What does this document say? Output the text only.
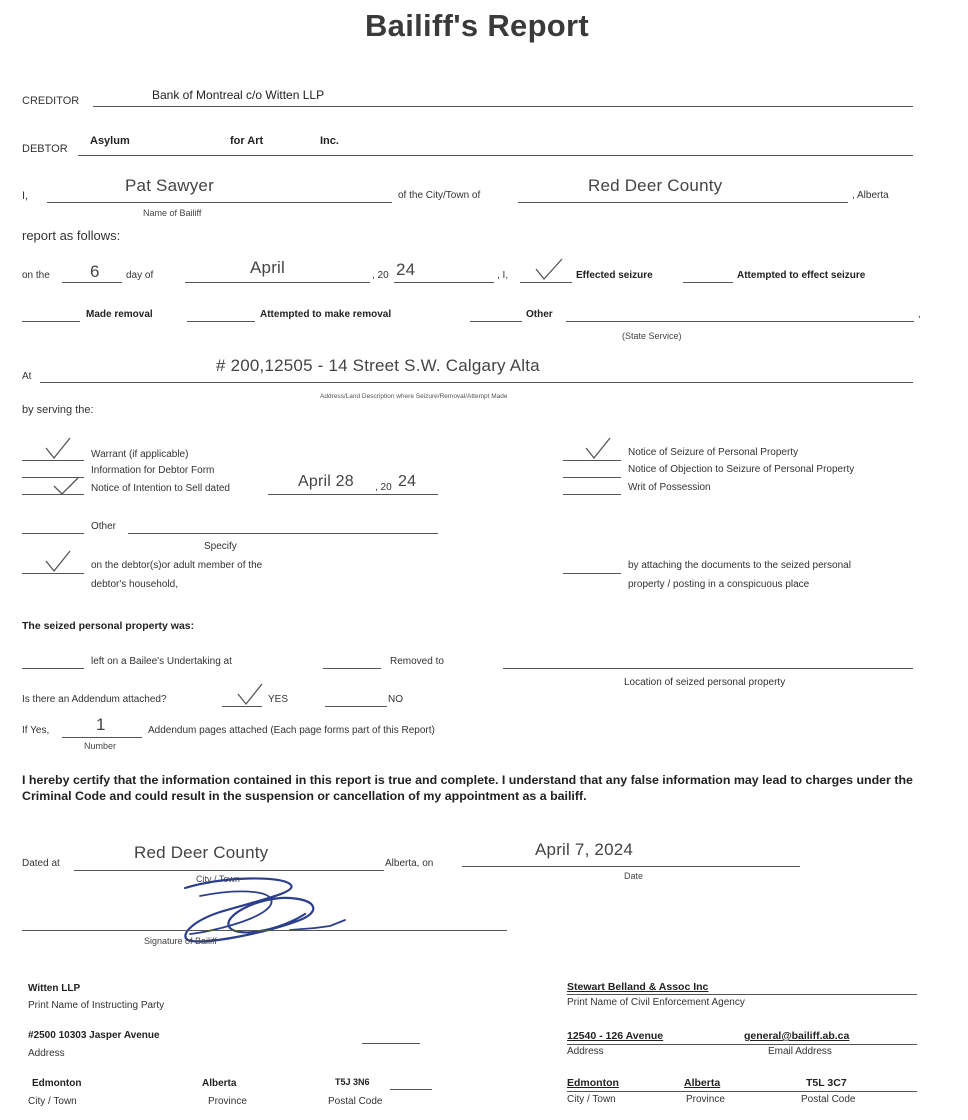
Bailiff's Report
CREDITOR	Bank of Montreal c/o Witten LLP
DEBTOR
Asylum	for Art	Inc.
I,
Pat Sawyer
Name of Bailiff
of the City/Town of
Red Deer County
, Alberta
report as follows:
on the 6	day of	April	, 20 24	, I,	Effected seizure	Attempted to effect seizure
Made removal	Attempted to make removal	Other	,
(State Service)
At
# 200,12505 - 14 Street S.W. Calgary Alta
Address/Land Description where Seizure/Removal/Attempt Made
by serving the:
Warrant (if applicable)
Information for Debtor Form
Notice of Intention to Sell dated	April 28 , 20 24
Other
Specify
on the debtor(s)or adult member of the
debtor's household,
Notice of Seizure of Personal Property
Notice of Objection to Seizure of Personal Property
Writ of Possession
by attaching the documents to the seized personal
property / posting in a conspicuous place
The seized personal property was:
left on a Bailee's Undertaking at	Removed to
Location of seized personal property
Is there an Addendum attached?	YES	NO
If Yes,	1
Number
Addendum pages attached (Each page forms part of this Report)
I hereby certify that the information contained in this report is true and complete. I understand that any false information may lead to charges under the Criminal Code and could result in the suspension or cancellation of my appointment as a bailiff.
Dated at
Red Deer County
Alberta, on
April 7, 2024
City / Town	Date
Signature of Bailiff
Witten LLP
Print Name of Instructing Party
#2500 10303 Jasper Avenue
Address
Edmonton
City / Town
Alberta
Province
T5J 3N6
Postal Code
Stewart Belland & Assoc Inc
Print Name of Civil Enforcement Agency
12540 - 126 Avenue
Address
general@bailiff.ab.ca
Email Address
Edmonton
City / Town
Alberta
Province
T5L 3C7
Postal Code
